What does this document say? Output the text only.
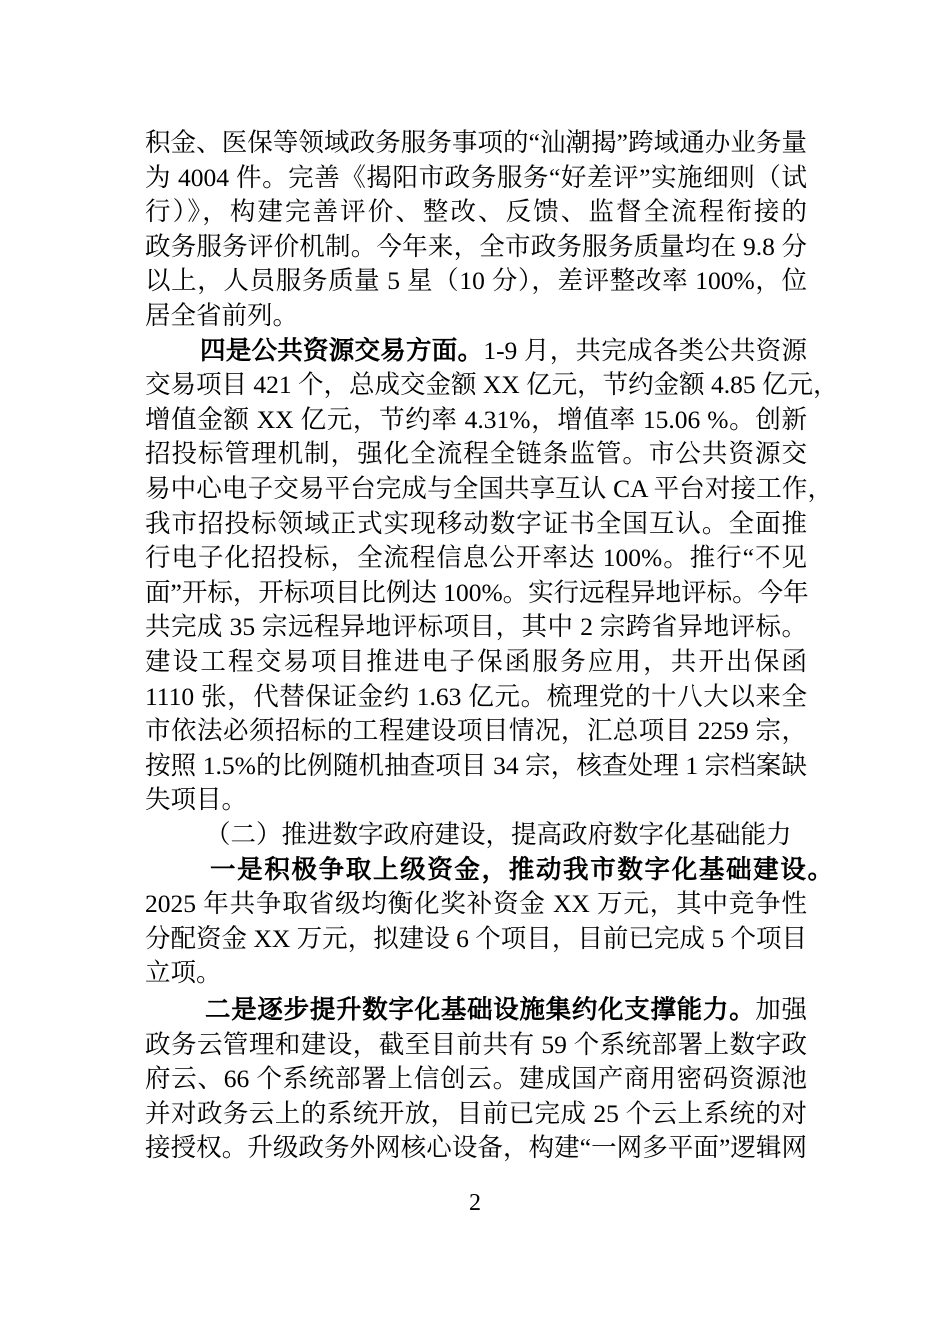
积金、医保等领域政务服务事项的“汕潮揭”跨域通办业务量
为 4004 件。完善《揭阳市政务服务“好差评”实施细则（试
行）》，构建完善评价、整改、反馈、监督全流程衔接的
政务服务评价机制。今年来，全市政务服务质量均在 9.8 分
以上，人员服务质量 5 星（10 分），差评整改率 100%，位
居全省前列。
四是公共资源交易方面。1-9 月，共完成各类公共资源
交易项目 421 个，总成交金额 XX 亿元，节约金额 4.85 亿元，
增值金额 XX 亿元，节约率 4.31%，增值率 15.06 %。创新
招投标管理机制，强化全流程全链条监管。市公共资源交
易中心电子交易平台完成与全国共享互认 CA 平台对接工作，
我市招投标领域正式实现移动数字证书全国互认。全面推
行电子化招投标，全流程信息公开率达 100%。推行“不见
面”开标，开标项目比例达 100%。实行远程异地评标。今年
共完成 35 宗远程异地评标项目，其中 2 宗跨省异地评标。
建设工程交易项目推进电子保函服务应用，共开出保函
1110 张，代替保证金约 1.63 亿元。梳理党的十八大以来全
市依法必须招标的工程建设项目情况，汇总项目 2259 宗，
按照 1.5%的比例随机抽查项目 34 宗，核查处理 1 宗档案缺
失项目。
（二）推进数字政府建设，提高政府数字化基础能力
一是积极争取上级资金，推动我市数字化基础建设。
2025 年共争取省级均衡化奖补资金 XX 万元，其中竞争性
分配资金 XX 万元，拟建设 6 个项目，目前已完成 5 个项目
立项。
二是逐步提升数字化基础设施集约化支撑能力。加强
政务云管理和建设，截至目前共有 59 个系统部署上数字政
府云、66 个系统部署上信创云。建成国产商用密码资源池
并对政务云上的系统开放，目前已完成 25 个云上系统的对
接授权。升级政务外网核心设备，构建“一网多平面”逻辑网
2
